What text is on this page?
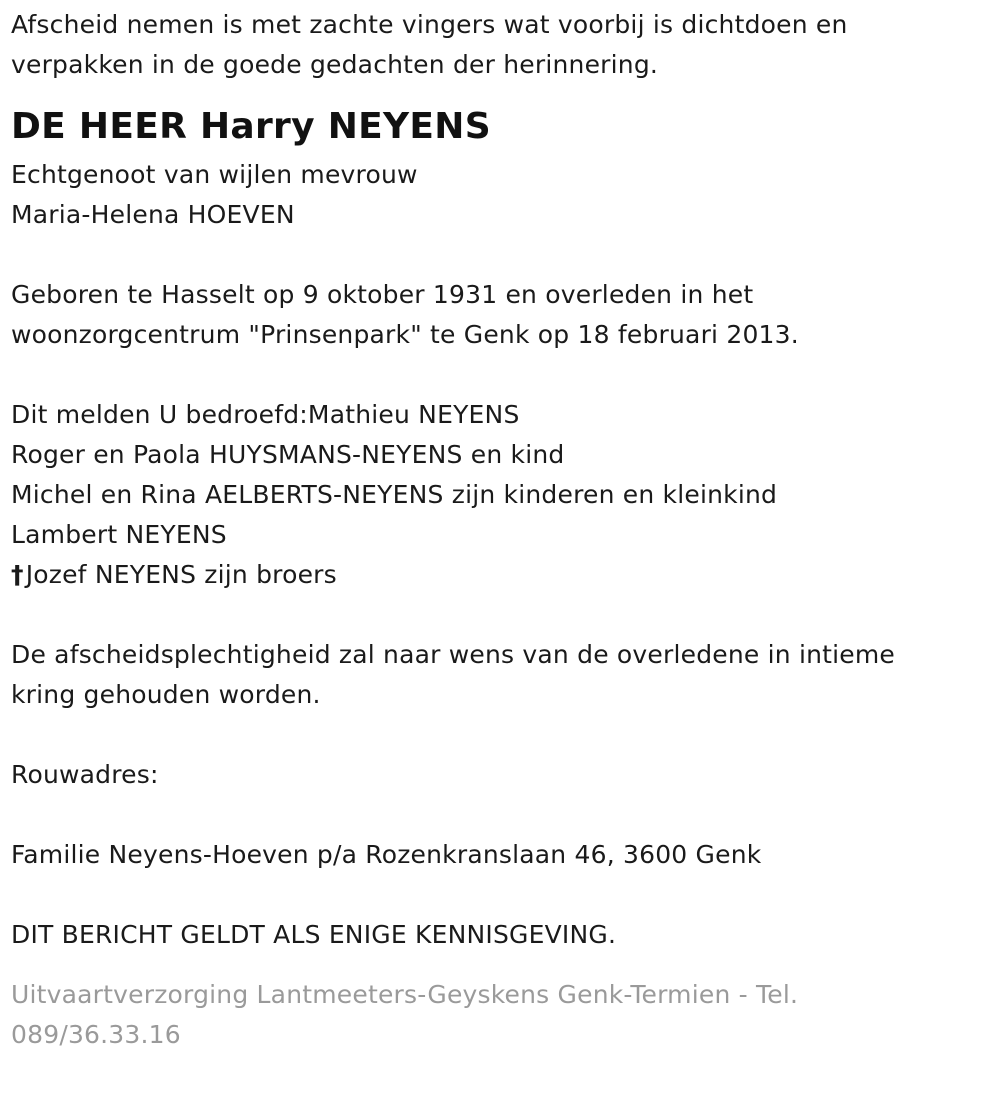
Afscheid nemen is met zachte vingers wat voorbij is dichtdoen en
verpakken in de goede gedachten der herinnering.
DE HEER Harry NEYENS
Echtgenoot van wijlen mevrouw
Maria-Helena HOEVEN
Geboren te Hasselt op 9 oktober 1931 en overleden in het
woonzorgcentrum "Prinsenpark" te Genk op 18 februari 2013.
Dit melden U bedroefd:Mathieu NEYENS
Roger en Paola HUYSMANS-NEYENS en kind
Michel en Rina AELBERTS-NEYENS zijn kinderen en kleinkind
Lambert NEYENS
†Jozef NEYENS zijn broers
De afscheidsplechtigheid zal naar wens van de overledene in intieme
kring gehouden worden.
Rouwadres:
Familie Neyens-Hoeven p/a Rozenkranslaan 46, 3600 Genk
DIT BERICHT GELDT ALS ENIGE KENNISGEVING.
Uitvaartverzorging Lantmeeters-Geyskens Genk-Termien - Tel.
089/36.33.16
